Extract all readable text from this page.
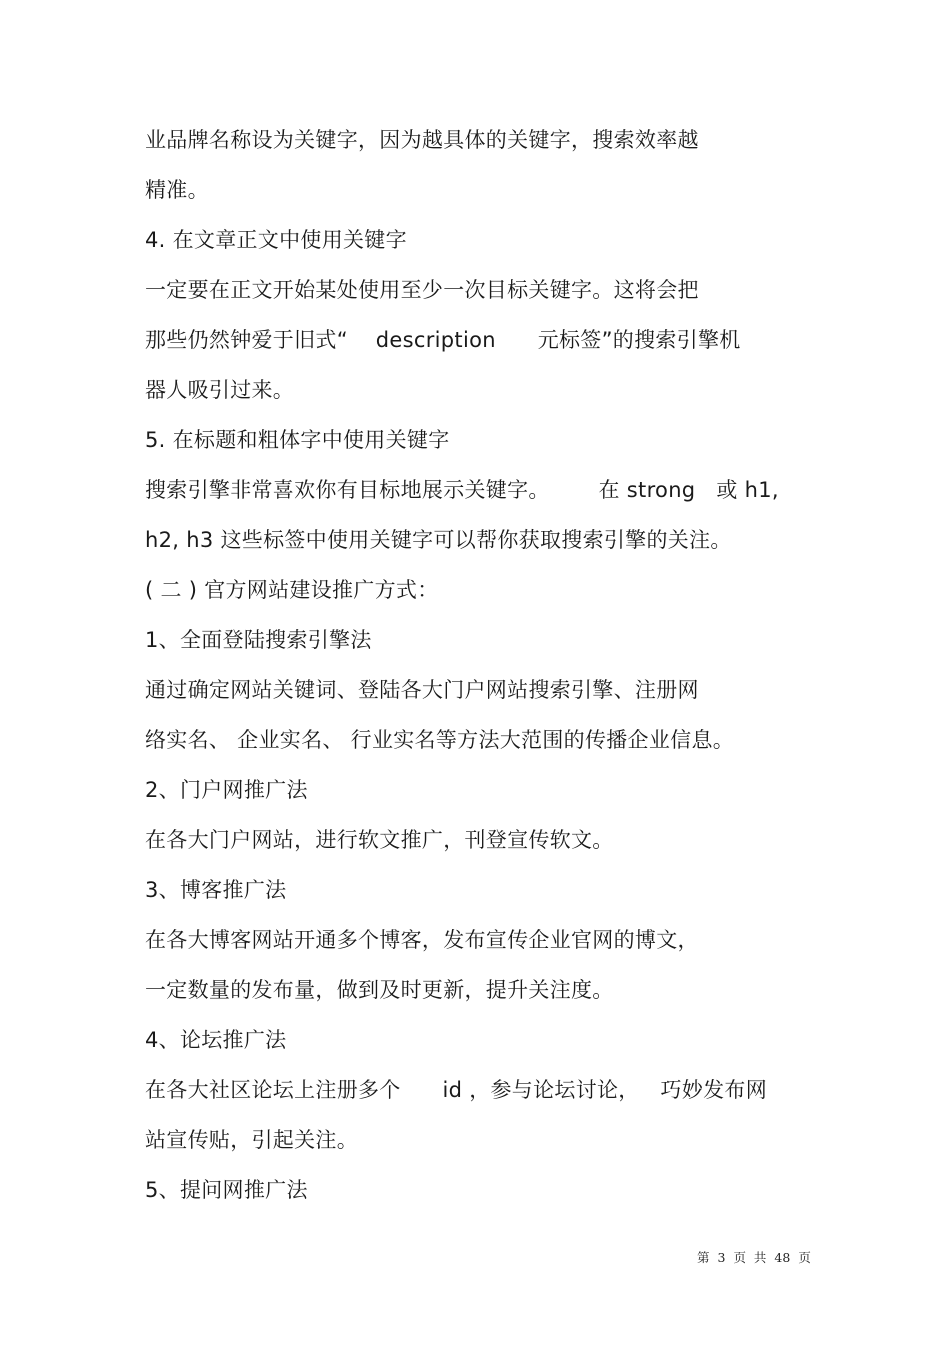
业品牌名称设为关键字，因为越具体的关键字，搜索效率越
精准。
4. 在文章正文中使用关键字
一定要在正文开始某处使用至少一次目标关键字。这将会把
那些仍然钟爱于旧式“    description      元标签”的搜索引擎机
器人吸引过来。
5. 在标题和粗体字中使用关键字
搜索引擎非常喜欢你有目标地展示关键字。       在 strong   或 h1,
h2, h3 这些标签中使用关键字可以帮你获取搜索引擎的关注。
( 二 ) 官方网站建设推广方式：
1、全面登陆搜索引擎法
通过确定网站关键词、登陆各大门户网站搜索引擎、注册网
络实名、 企业实名、 行业实名等方法大范围的传播企业信息。
2、门户网推广法
在各大门户网站，进行软文推广，刊登宣传软文。
3、博客推广法
在各大博客网站开通多个博客，发布宣传企业官网的博文，
一定数量的发布量，做到及时更新，提升关注度。
4、论坛推广法
在各大社区论坛上注册多个      id ，参与论坛讨论，   巧妙发布网
站宣传贴，引起关注。
5、提问网推广法
第 3 页  共 48 页
